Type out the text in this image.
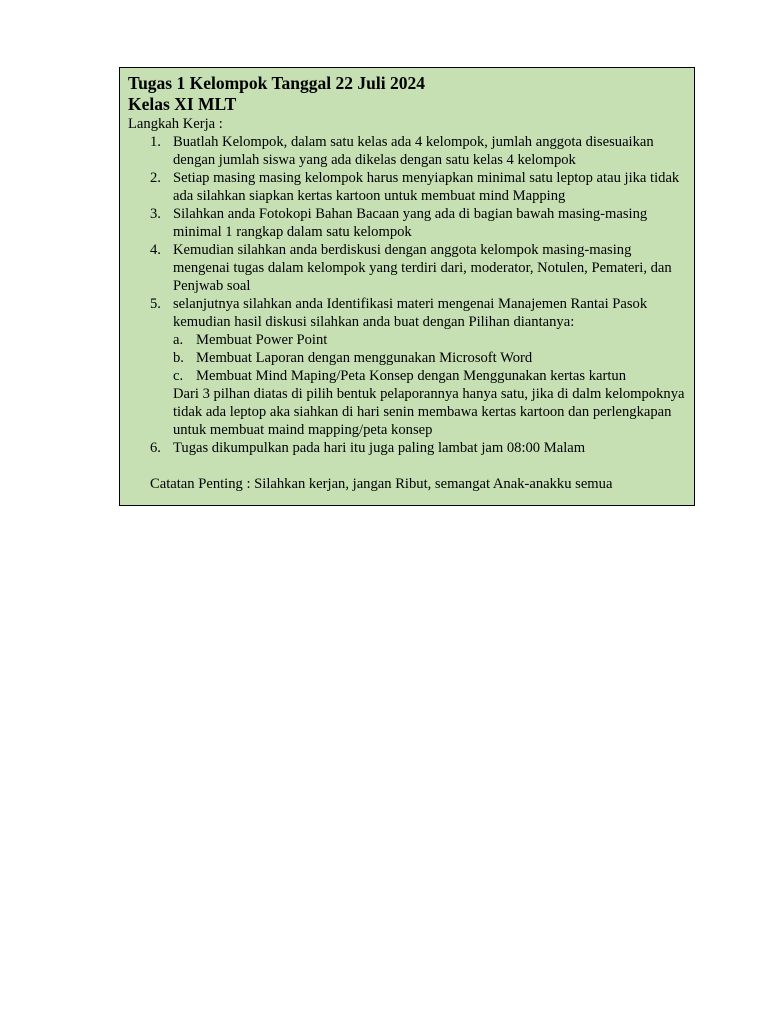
Tugas 1 Kelompok Tanggal 22 Juli 2024
Kelas XI MLT

Langkah Kerja :

1. Buatlah Kelompok, dalam satu kelas ada 4 kelompok, jumlah anggota disesuaikan dengan jumlah siswa yang ada dikelas dengan satu kelas 4 kelompok
2. Setiap masing masing kelompok harus menyiapkan minimal satu leptop atau jika tidak ada silahkan siapkan kertas kartoon untuk membuat mind Mapping
3. Silahkan anda Fotokopi Bahan Bacaan yang ada di bagian bawah masing-masing minimal 1 rangkap dalam satu kelompok
4. Kemudian silahkan anda berdiskusi dengan anggota kelompok masing-masing mengenai tugas dalam kelompok yang terdiri dari, moderator, Notulen, Pemateri, dan Penjwab soal
5. selanjutnya silahkan anda Identifikasi materi mengenai Manajemen Rantai Pasok kemudian hasil diskusi silahkan anda buat dengan Pilihan diantanya:
a. Membuat Power Point
b. Membuat Laporan dengan menggunakan Microsoft Word
c. Membuat Mind Maping/Peta Konsep dengan Menggunakan kertas kartun
Dari 3 pilhan diatas di pilih bentuk pelaporannya hanya satu, jika di dalm kelompoknya tidak ada leptop aka siahkan di hari senin membawa kertas kartoon dan perlengkapan untuk membuat maind mapping/peta konsep
6. Tugas dikumpulkan pada hari itu juga paling lambat jam 08:00 Malam

Catatan Penting : Silahkan kerjan, jangan Ribut, semangat Anak-anakku semua
